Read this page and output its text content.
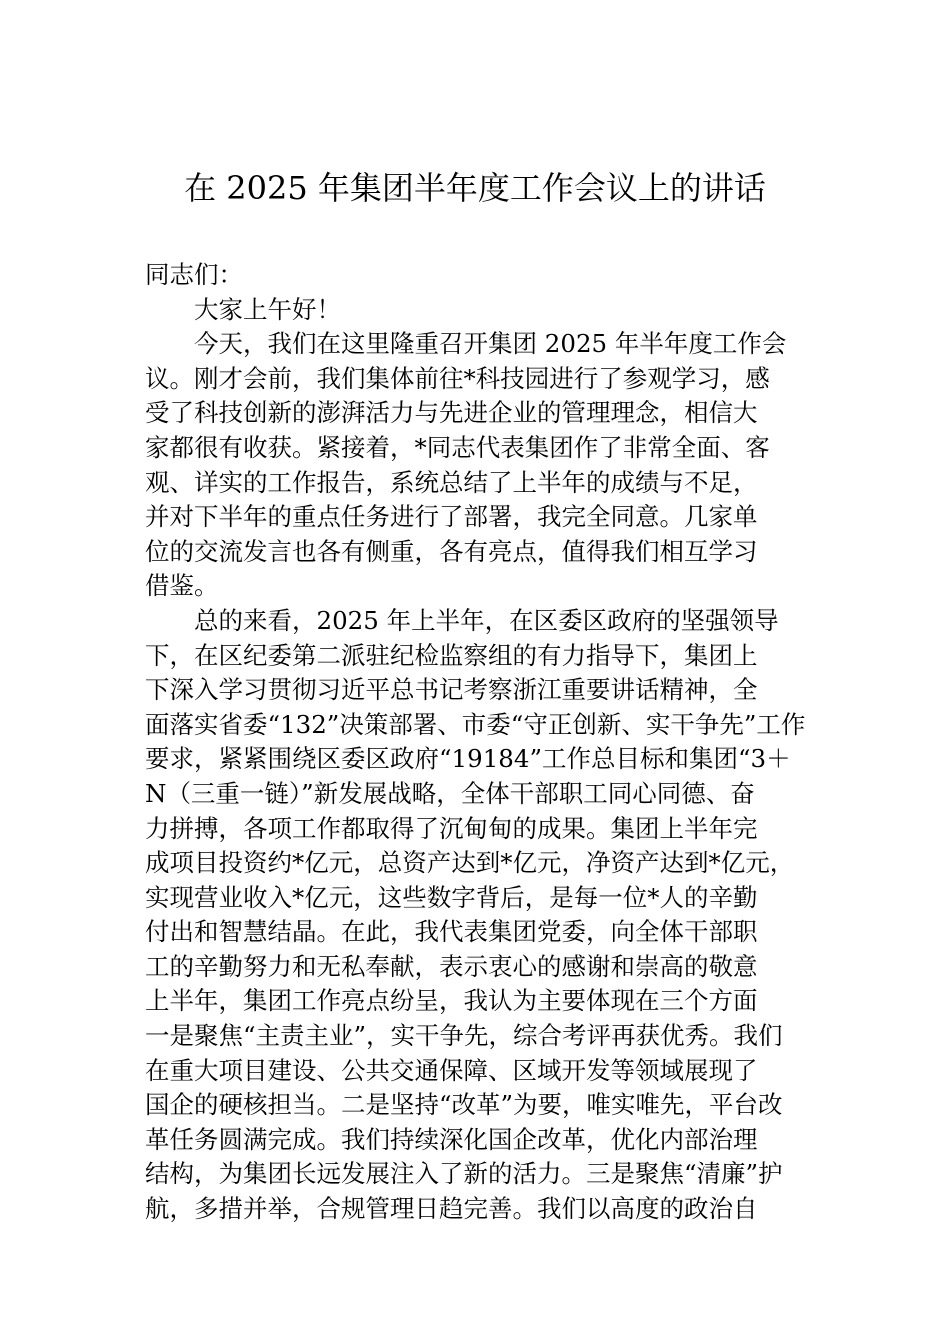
在 2025 年集团半年度工作会议上的讲话
同志们：
大家上午好！
今天，我们在这里隆重召开集团 2025 年半年度工作会
议。刚才会前，我们集体前往*科技园进行了参观学习，感
受了科技创新的澎湃活力与先进企业的管理理念，相信大
家都很有收获。紧接着，*同志代表集团作了非常全面、客
观、详实的工作报告，系统总结了上半年的成绩与不足，
并对下半年的重点任务进行了部署，我完全同意。几家单
位的交流发言也各有侧重，各有亮点，值得我们相互学习
借鉴。
总的来看，2025 年上半年，在区委区政府的坚强领导
下，在区纪委第二派驻纪检监察组的有力指导下，集团上
下深入学习贯彻习近平总书记考察浙江重要讲话精神，全
面落实省委“132”决策部署、市委“守正创新、实干争先”工作
要求，紧紧围绕区委区政府“19184”工作总目标和集团“3＋
N（三重一链）”新发展战略，全体干部职工同心同德、奋
力拼搏，各项工作都取得了沉甸甸的成果。集团上半年完
成项目投资约*亿元，总资产达到*亿元，净资产达到*亿元，
实现营业收入*亿元，这些数字背后，是每一位*人的辛勤
付出和智慧结晶。在此，我代表集团党委，向全体干部职
工的辛勤努力和无私奉献，表示衷心的感谢和崇高的敬意
上半年，集团工作亮点纷呈，我认为主要体现在三个方面
一是聚焦“主责主业”，实干争先，综合考评再获优秀。我们
在重大项目建设、公共交通保障、区域开发等领域展现了
国企的硬核担当。二是坚持“改革”为要，唯实唯先，平台改
革任务圆满完成。我们持续深化国企改革，优化内部治理
结构，为集团长远发展注入了新的活力。三是聚焦“清廉”护
航，多措并举，合规管理日趋完善。我们以高度的政治自
